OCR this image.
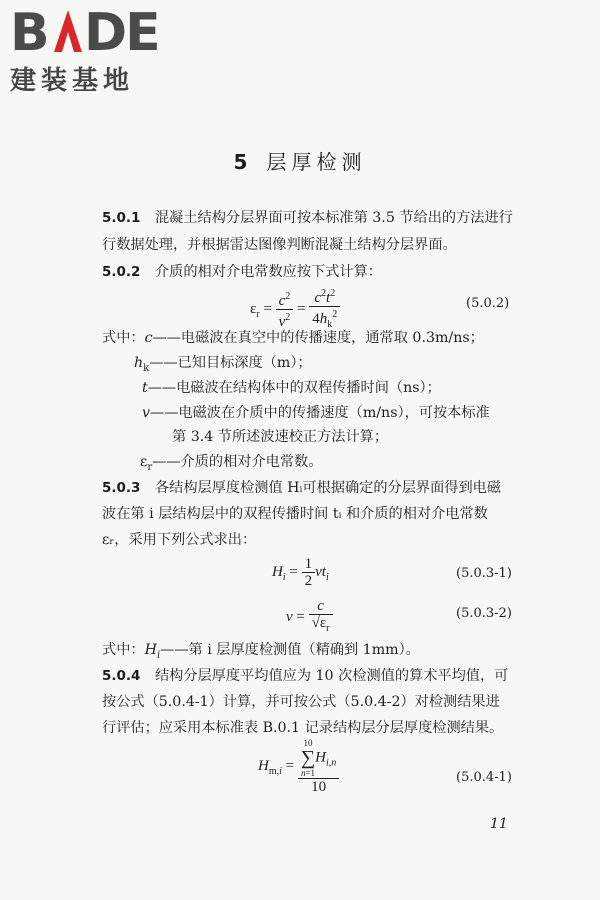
B DE
建装基地
5 层厚检测
5.0.1 混凝土结构分层界面可按本标准第 3.5 节给出的方法进行
行数据处理，并根据雷达图像判断混凝土结构分层界面。
5.0.2 介质的相对介电常数应按下式计算：
$\varepsilon_r = \frac{c^2}{v^2} = \frac{c^2t^2}{4h_k^2}$	(5.0.2)
式中：c——电磁波在真空中的传播速度，通常取 0.3m/ns；
$h_k——$已知目标深度（m）；
t——电磁波在结构体中的双程传播时间（ns）；
v——电磁波在介质中的传播速度（m/ns），可按本标准
第 3.4 节所述波速校正方法计算；
$\varepsilon_r——$介质的相对介电常数。
5.0.3 各结构层厚度检测值 Hᵢ可根据确定的分层界面得到电磁
波在第 i 层结构层中的双程传播时间 tᵢ 和介质的相对介电常数
εᵣ，采用下列公式求出：
$H_i = \frac{1}{2} vt_i$	(5.0.3-1)
$v = \frac{c}{√\varepsilon_r}$	(5.0.3-2)
式中：$H_i——$第 i 层厚度检测值（精确到 1mm）。
5.0.4 结构分层厚度平均值应为 10 次检测值的算术平均值，可
按公式（5.0.4-1）计算，并可按公式（5.0.4-2）对检测结果进
行评估；应采用本标准表 B.0.1 记录结构层分层厚度检测结果。
$H_{m,i}$ =
10
∑
$n=1H_{i,n}$
10
(5.0.4-1)
11
